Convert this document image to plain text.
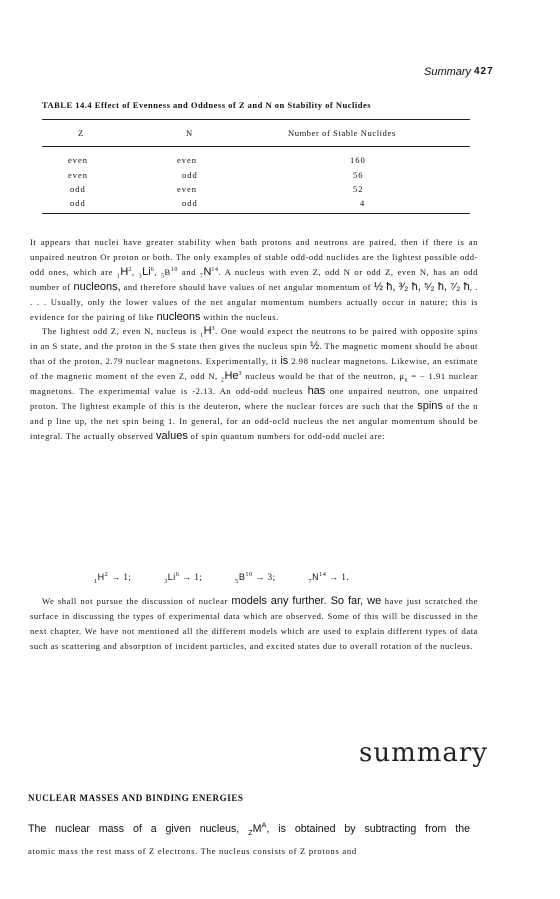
Summary 427
TABLE 14.4 Effect of Evenness and Oddness of Z and N on Stability of Nuclides
Z	N	Number of Stable Nuclides
even	even	160
even	odd	56
odd	even	52
odd	odd	4

It appears that nuclei have greater stability when bath protons and neutrons are paired, then if there is an unpaired neutron Or proton or both. The only examples of stable odd-odd nuclides are the lightest possible odd-odd ones, which are $_1H^2$, $_3Li^6$, $_5B^{10}$ and $_7N^{14}$. A nucleus with even Z, odd N or odd Z, even N, has an odd number of nucleons, and therefore should have values of net angular momentum of ½ ħ, ³⁄₂ ħ, ⁵⁄₂ ħ, ⁷⁄₂ ħ, . . . . Usually, only the lower values of the net angular momentum numbers actually occur in nature; this is evidence for the pairing of like nucleons within the nucleus.

The lightest odd Z, even N, nucleus is $_1H^3$. One would expect the neutrons to be paired with opposite spins in an S state, and the proton in the S state then gives the nucleus spin ½. The magnetic moment should be about that of the proton, 2.79 nuclear magnetons. Experimentally, it is 2.98 nuclear magnetons. Likewise, an estimate of the magnetic moment of the even Z, odd N, $_2He^3$ nucleus would be that of the neutron, $\mu_n$ = − 1.91 nuclear magnetons. The experimental value is -2.13. An odd-odd nucleus has one unpaired neutron, one unpaired proton. The lightest example of this is the deuteron, where the nuclear forces are such that the spins of the n and p line up, the net spin being 1. In general, for an odd-ocld nucleus the net angular momentum should be integral. The actually observed values of spin quantum numbers for odd-odd nuclei are:

$_1H^2 \to 1$;	$_3Li^6 \to 1$;	$_5B^{10} \to 3$;	$_7N^{14} \to 1$.

We shall not pursue the discussion of nuclear models any further. So far, we have just scratched the surface in discussing the types of experimental data which are observed. Some of this will be discussed in the next chapter. We have not mentioned all the different models which are used to explain different types of data such as scattering and absorption of incident particles, and excited states due to overall rotation of the nucleus.

summary
NUCLEAR MASSES AND BINDING ENERGIES
The nuclear mass of a given nucleus, $_ZM^A$, is obtained by subtracting from the
atomic mass the rest mass of Z electrons. The nucleus consists of Z protons and
